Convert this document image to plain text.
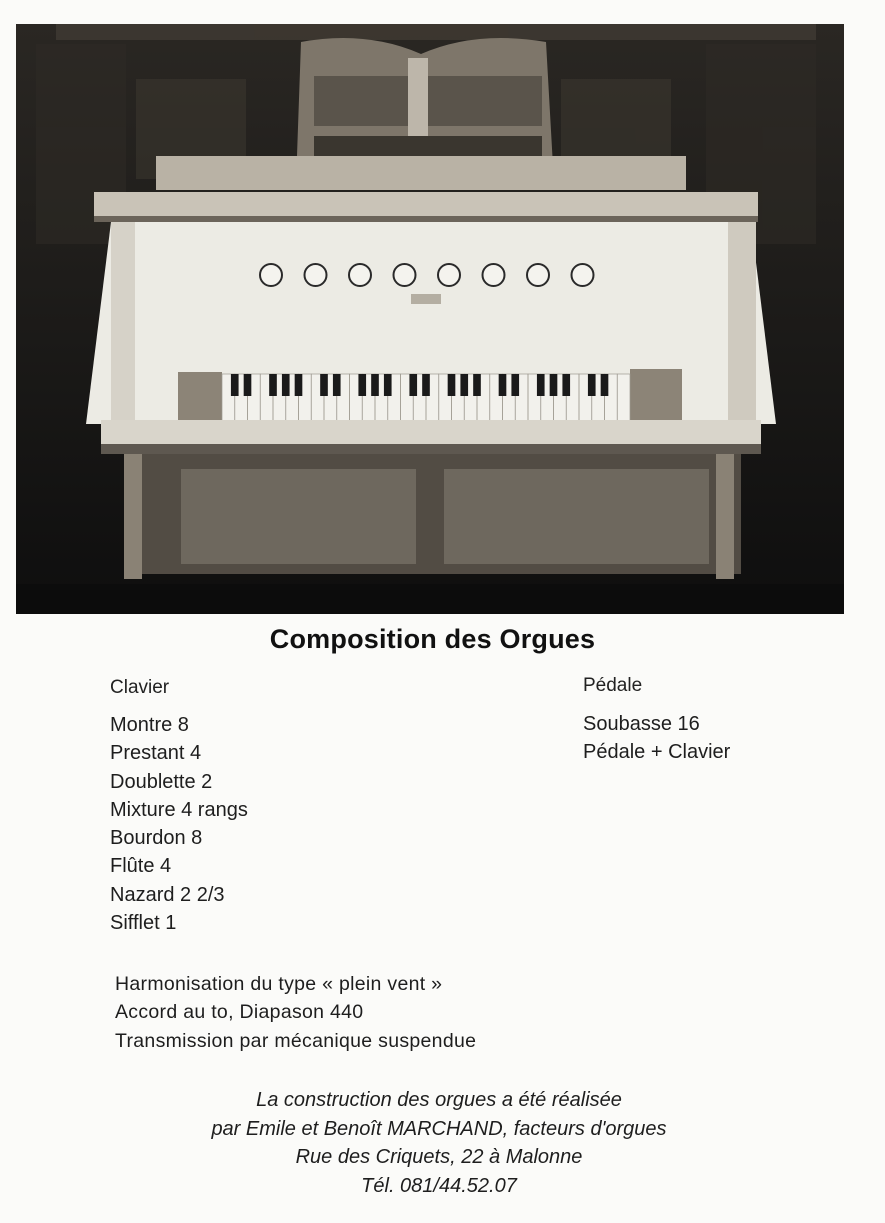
Composition des Orgues
Clavier
Montre 8
Prestant 4
Doublette 2
Mixture 4 rangs
Bourdon 8
Flûte 4
Nazard 2 2/3
Sifflet 1
Pédale
Soubasse 16
Pédale + Clavier
Harmonisation du type « plein vent »
Accord au to, Diapason 440
Transmission par mécanique suspendue
La construction des orgues a été réalisée
par Emile et Benoît MARCHAND, facteurs d'orgues
Rue des Criquets, 22 à Malonne
Tél. 081/44.52.07
